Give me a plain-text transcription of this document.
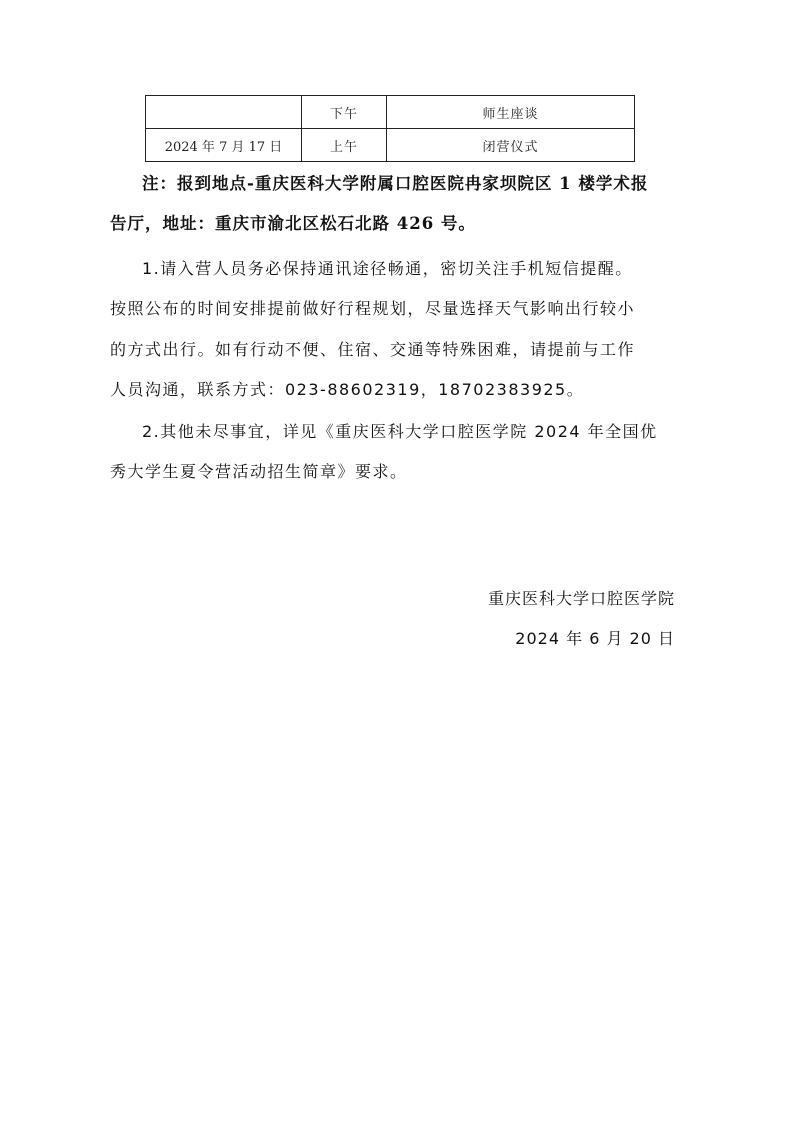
	下午	师生座谈
2024 年 7 月 17 日	上午	闭营仪式
注：报到地点-重庆医科大学附属口腔医院冉家坝院区 1 楼学术报
告厅，地址：重庆市渝北区松石北路 426 号。
1.请入营人员务必保持通讯途径畅通，密切关注手机短信提醒。
按照公布的时间安排提前做好行程规划，尽量选择天气影响出行较小
的方式出行。如有行动不便、住宿、交通等特殊困难，请提前与工作
人员沟通，联系方式：023-88602319，18702383925。
2.其他未尽事宜，详见《重庆医科大学口腔医学院 2024 年全国优
秀大学生夏令营活动招生简章》要求。
重庆医科大学口腔医学院
2024 年 6 月 20 日
